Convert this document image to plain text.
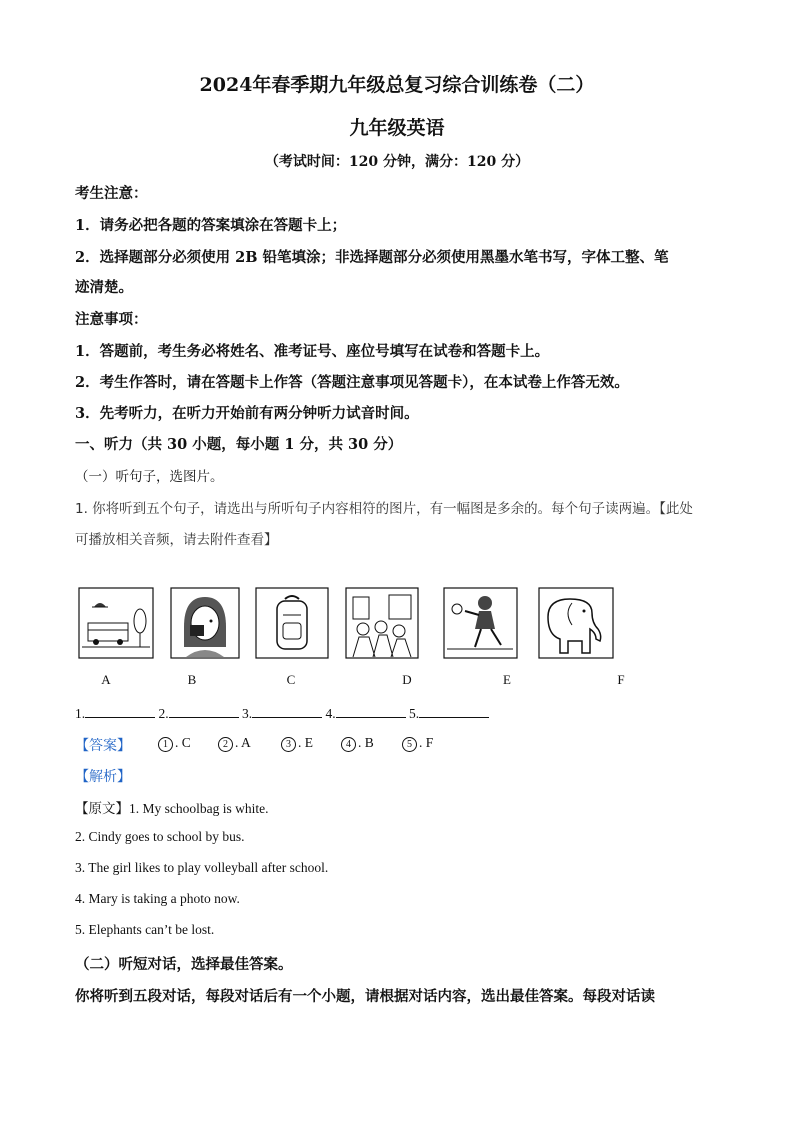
2024年春季期九年级总复习综合训练卷（二）
九年级英语
（考试时间：120 分钟，满分：120 分）
考生注意：
1．请务必把各题的答案填涂在答题卡上；
2．选择题部分必须使用 2B 铅笔填涂；非选择题部分必须使用黑墨水笔书写，字体工整、笔
迹清楚。
注意事项：
1．答题前，考生务必将姓名、准考证号、座位号填写在试卷和答题卡上。
2．考生作答时，请在答题卡上作答（答题注意事项见答题卡），在本试卷上作答无效。
3．先考听力，在听力开始前有两分钟听力试音时间。
一、听力（共 30 小题，每小题 1 分，共 30 分）
（一）听句子，选图片。
1. 你将听到五个句子，请选出与所听句子内容相符的图片，有一幅图是多余的。每个句子读两遍。【此处
可播放相关音频，请去附件查看】
A	B	C	D	E	F
1.	2.	3.	4.	5.
【答案】	1 . C	2 . A	3 . E	4 . B	5 . F
【解析】
【原文】1. My schoolbag is white.
2. Cindy goes to school by bus.
3. The girl likes to play volleyball after school.
4. Mary is taking a photo now.
5. Elephants can’t be lost.
（二）听短对话，选择最佳答案。
你将听到五段对话，每段对话后有一个小题，请根据对话内容，选出最佳答案。每段对话读
